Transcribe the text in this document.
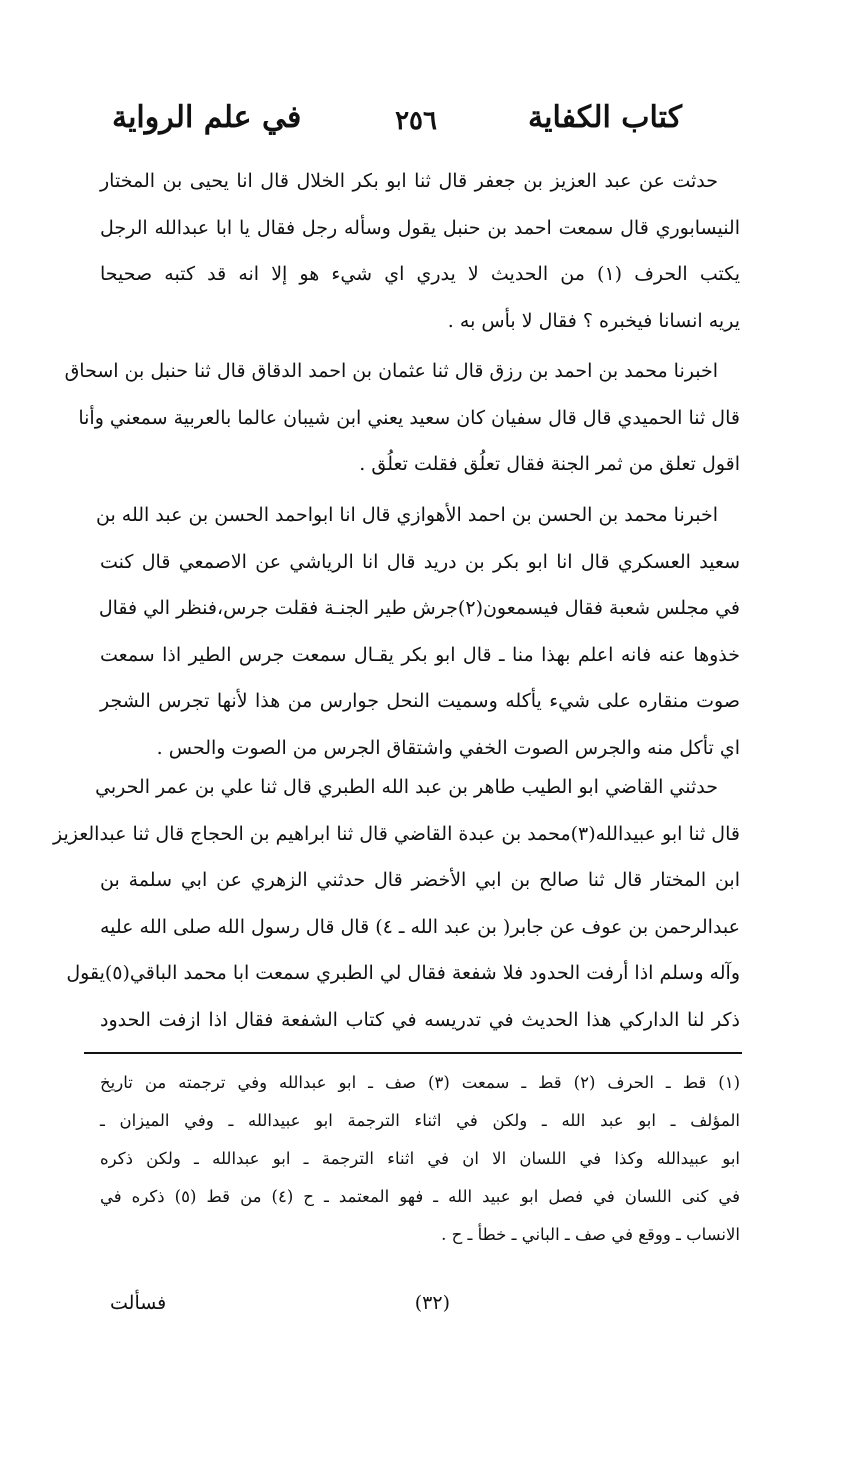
كتاب الكفاية
٢٥٦
في علم الرواية
حدثت عن عبد العزيز بن جعفر قال ثنا ابو بكر الخلال قال انا يحيى بن المختار
النيسابوري قال سمعت احمد بن حنبل يقول وسأله رجل فقال يا ابا عبدالله الرجل
يكتب الحرف (١) من الحديث لا يدري اي شيء هو إلا انه قد كتبه صحيحا
يريه انسانا فيخبره ؟ فقال لا بأس به .
اخبرنا محمد بن احمد بن رزق قال ثنا عثمان بن احمد الدقاق قال ثنا حنبل بن اسحاق
قال ثنا الحميدي قال قال سفيان كان سعيد يعني ابن شيبان عالما بالعربية سمعني وأنا
اقول تعلق من ثمر الجنة فقال تعلُق فقلت تعلُق .
اخبرنا محمد بن الحسن بن احمد الأهوازي قال انا ابواحمد الحسن بن عبد الله بن
سعيد العسكري قال انا ابو بكر بن دريد قال انا الرياشي عن الاصمعي قال كنت
في مجلس شعبة فقال فيسمعون(٢)جرش طير الجنـة فقلت جرس،فنظر الي فقال
خذوها عنه فانه اعلم بهذا منا ـ قال ابو بكر يقـال سمعت جرس الطير اذا سمعت
صوت منقاره على شيء يأكله وسميت النحل جوارس من هذا لأنها تجرس الشجر
اي تأكل منه والجرس الصوت الخفي واشتقاق الجرس من الصوت والحس .
حدثني القاضي ابو الطيب طاهر بن عبد الله الطبري قال ثنا علي بن عمر الحربي
قال ثنا ابو عبيدالله(٣)محمد بن عبدة القاضي قال ثنا ابراهيم بن الحجاج قال ثنا عبدالعزيز
ابن المختار قال ثنا صالح بن ابي الأخضر قال حدثني الزهري عن ابي سلمة بن
عبدالرحمن بن عوف عن جابر( بن عبد الله ـ ٤) قال قال رسول الله صلى الله عليه
وآله وسلم اذا أرفت الحدود فلا شفعة فقال لي الطبري سمعت ابا محمد الباقي(٥)يقول
ذكر لنا الداركي هذا الحديث في تدريسه في كتاب الشفعة فقال اذا ازفت الحدود
(١) قط ـ الحرف (٢) قط ـ سمعت (٣) صف ـ ابو عبدالله وفي ترجمته من تاريخ
المؤلف ـ ابو عبد الله ـ ولكن في اثناء الترجمة ابو عبيدالله ـ وفي الميزان ـ
ابو عبيدالله وكذا في اللسان الا ان في اثناء الترجمة ـ ابو عبدالله ـ ولكن ذكره
في كنى اللسان في فصل ابو عبيد الله ـ فهو المعتمد ـ ح (٤) من قط (٥) ذكره في
الانساب ـ ووقع في صف ـ الباني ـ خطأ ـ ح .
(٣٢)
فسألت
